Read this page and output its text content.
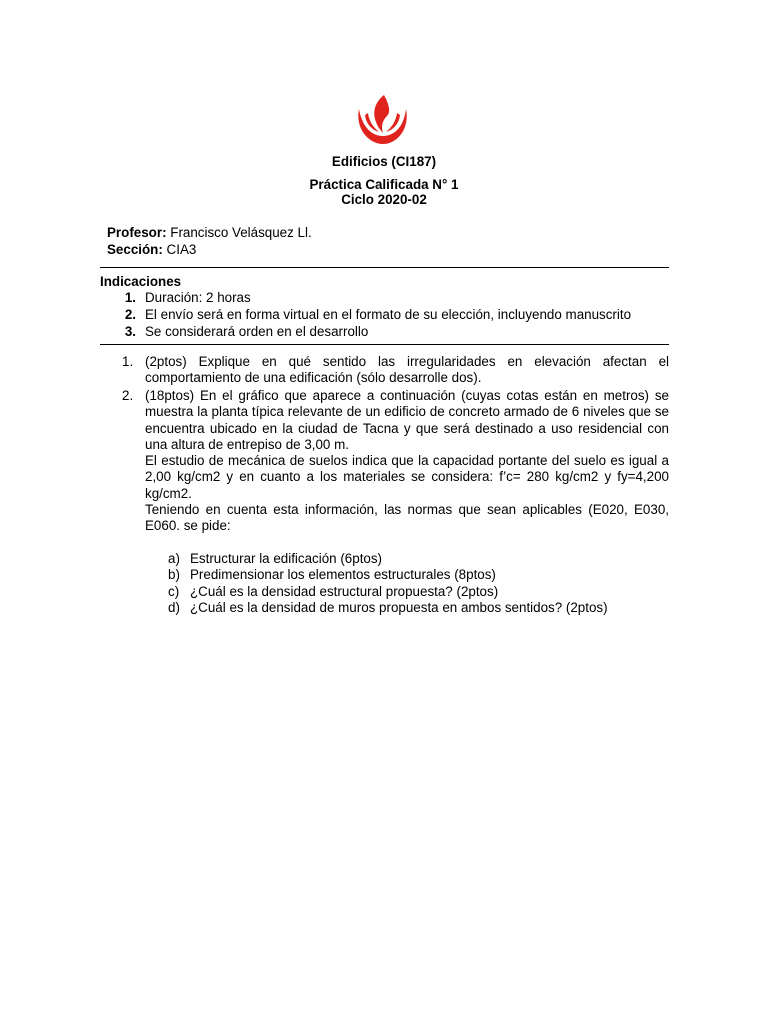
Edificios (CI187)
Práctica Calificada N° 1
Ciclo 2020-02
Profesor: Francisco Velásquez Ll.
Sección: CIA3
Indicaciones
1. Duración: 2 horas
2. El envío será en forma virtual en el formato de su elección, incluyendo manuscrito
3. Se considerará orden en el desarrollo
1. (2ptos) Explique en qué sentido las irregularidades en elevación afectan el comportamiento de una edificación (sólo desarrolle dos).

2. (18ptos) En el gráfico que aparece a continuación (cuyas cotas están en metros) se muestra la planta típica relevante de un edificio de concreto armado de 6 niveles que se encuentra ubicado en la ciudad de Tacna y que será destinado a uso residencial con una altura de entrepiso de 3,00 m.

El estudio de mecánica de suelos indica que la capacidad portante del suelo es igual a 2,00 kg/cm2 y en cuanto a los materiales se considera: f’c= 280 kg/cm2 y fy=4,200 kg/cm2.

Teniendo en cuenta esta información, las normas que sean aplicables (E020, E030, E060. se pide:

a) Estructurar la edificación (6ptos)
b) Predimensionar los elementos estructurales (8ptos)
c) ¿Cuál es la densidad estructural propuesta? (2ptos)
d) ¿Cuál es la densidad de muros propuesta en ambos sentidos? (2ptos)
